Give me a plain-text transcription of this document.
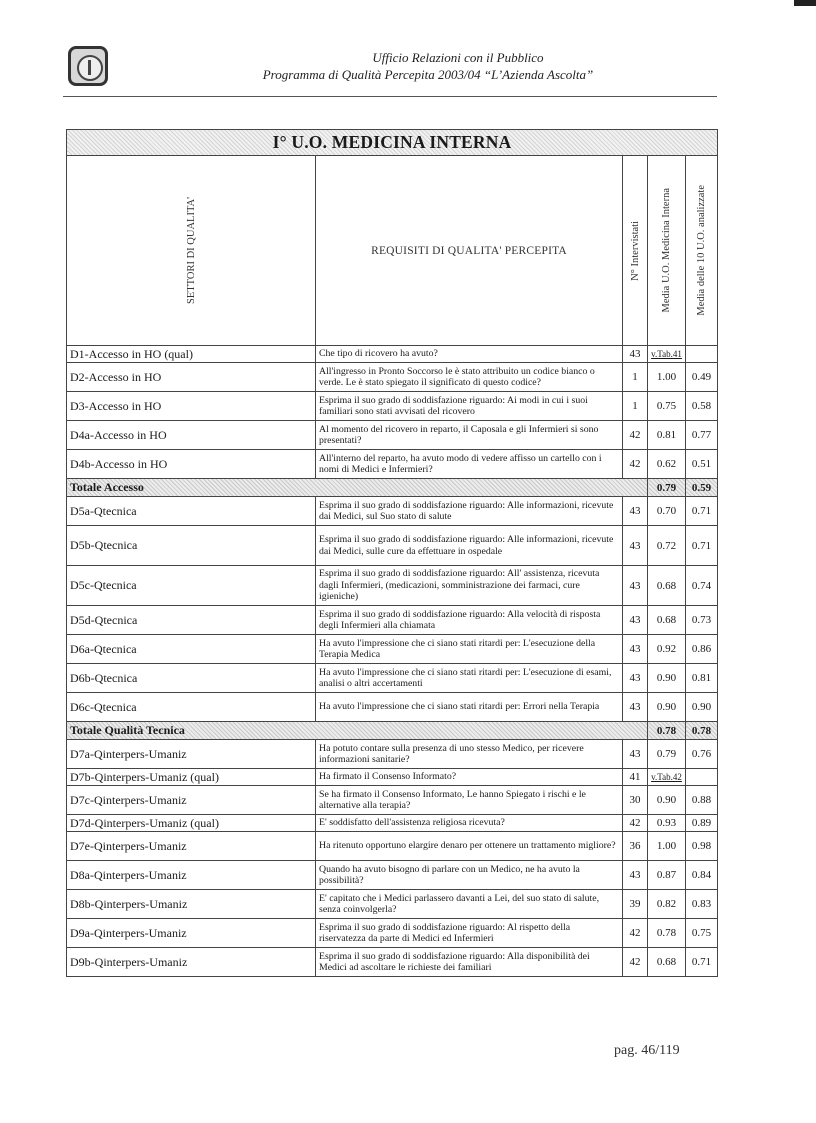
Ufficio Relazioni con il Pubblico
Programma di Qualità Percepita 2003/04 “L’Azienda Ascolta”
I° U.O. MEDICINA INTERNA				

SETTORI DI QUALITA'	REQUISITI DI QUALITA' PERCEPITA	N° Intervistati	Media U.O. Medicina Interna	Media delle 10 U.O. analizzate

D1-Accesso in HO (qual)	Che tipo di ricovero ha avuto?	43	v.Tab.41	
D2-Accesso in HO	All'ingresso in Pronto Soccorso le è stato attribuito un codice bianco o verde. Le è stato spiegato il significato di questo codice?	1	1.00	0.49
D3-Accesso in HO	Esprima il suo grado di soddisfazione riguardo: Ai modi in cui i suoi familiari sono stati avvisati del ricovero	1	0.75	0.58
D4a-Accesso in HO	Al momento del ricovero in reparto, il Caposala e gli Infermieri si sono presentati?	42	0.81	0.77
D4b-Accesso in HO	All'interno del reparto, ha avuto modo di vedere affisso un cartello con i nomi di Medici e Infermieri?	42	0.62	0.51
Totale Accesso			0.79	0.59
D5a-Qtecnica	Esprima il suo grado di soddisfazione riguardo: Alle informazioni, ricevute dai Medici, sul Suo stato di salute	43	0.70	0.71
D5b-Qtecnica	Esprima il suo grado di soddisfazione riguardo: Alle informazioni, ricevute dai Medici, sulle cure da effettuare in ospedale	43	0.72	0.71
D5c-Qtecnica	Esprima il suo grado di soddisfazione riguardo: All' assistenza, ricevuta dagli Infermieri, (medicazioni, somministrazione dei farmaci, cure igieniche)	43	0.68	0.74
D5d-Qtecnica	Esprima il suo grado di soddisfazione riguardo: Alla velocità di risposta degli Infermieri alla chiamata	43	0.68	0.73
D6a-Qtecnica	Ha avuto l'impressione che ci siano stati ritardi per: L'esecuzione della Terapia Medica	43	0.92	0.86
D6b-Qtecnica	Ha avuto l'impressione che ci siano stati ritardi per: L'esecuzione di esami, analisi o altri accertamenti	43	0.90	0.81
D6c-Qtecnica	Ha avuto l'impressione che ci siano stati ritardi per: Errori nella Terapia	43	0.90	0.90
Totale Qualità Tecnica			0.78	0.78
D7a-Qinterpers-Umaniz	Ha potuto contare sulla presenza di uno stesso Medico, per ricevere informazioni sanitarie?	43	0.79	0.76
D7b-Qinterpers-Umaniz (qual)	Ha firmato il Consenso Informato?	41	v.Tab.42	
D7c-Qinterpers-Umaniz	Se ha firmato il Consenso Informato, Le hanno Spiegato i rischi e le alternative alla terapia?	30	0.90	0.88
D7d-Qinterpers-Umaniz (qual)	E' soddisfatto dell'assistenza religiosa ricevuta?	42	0.93	0.89
D7e-Qinterpers-Umaniz	Ha ritenuto opportuno elargire denaro per ottenere un trattamento migliore?	36	1.00	0.98
D8a-Qinterpers-Umaniz	Quando ha avuto bisogno di parlare con un Medico, ne ha avuto la possibilità?	43	0.87	0.84
D8b-Qinterpers-Umaniz	E' capitato che i Medici parlassero davanti a Lei, del suo stato di salute, senza coinvolgerla?	39	0.82	0.83
D9a-Qinterpers-Umaniz	Esprima il suo grado di soddisfazione riguardo: Al rispetto della riservatezza da parte di Medici ed Infermieri	42	0.78	0.75
D9b-Qinterpers-Umaniz	Esprima il suo grado di soddisfazione riguardo: Alla disponibilità dei Medici ad ascoltare le richieste dei familiari	42	0.68	0.71
pag. 46/119
